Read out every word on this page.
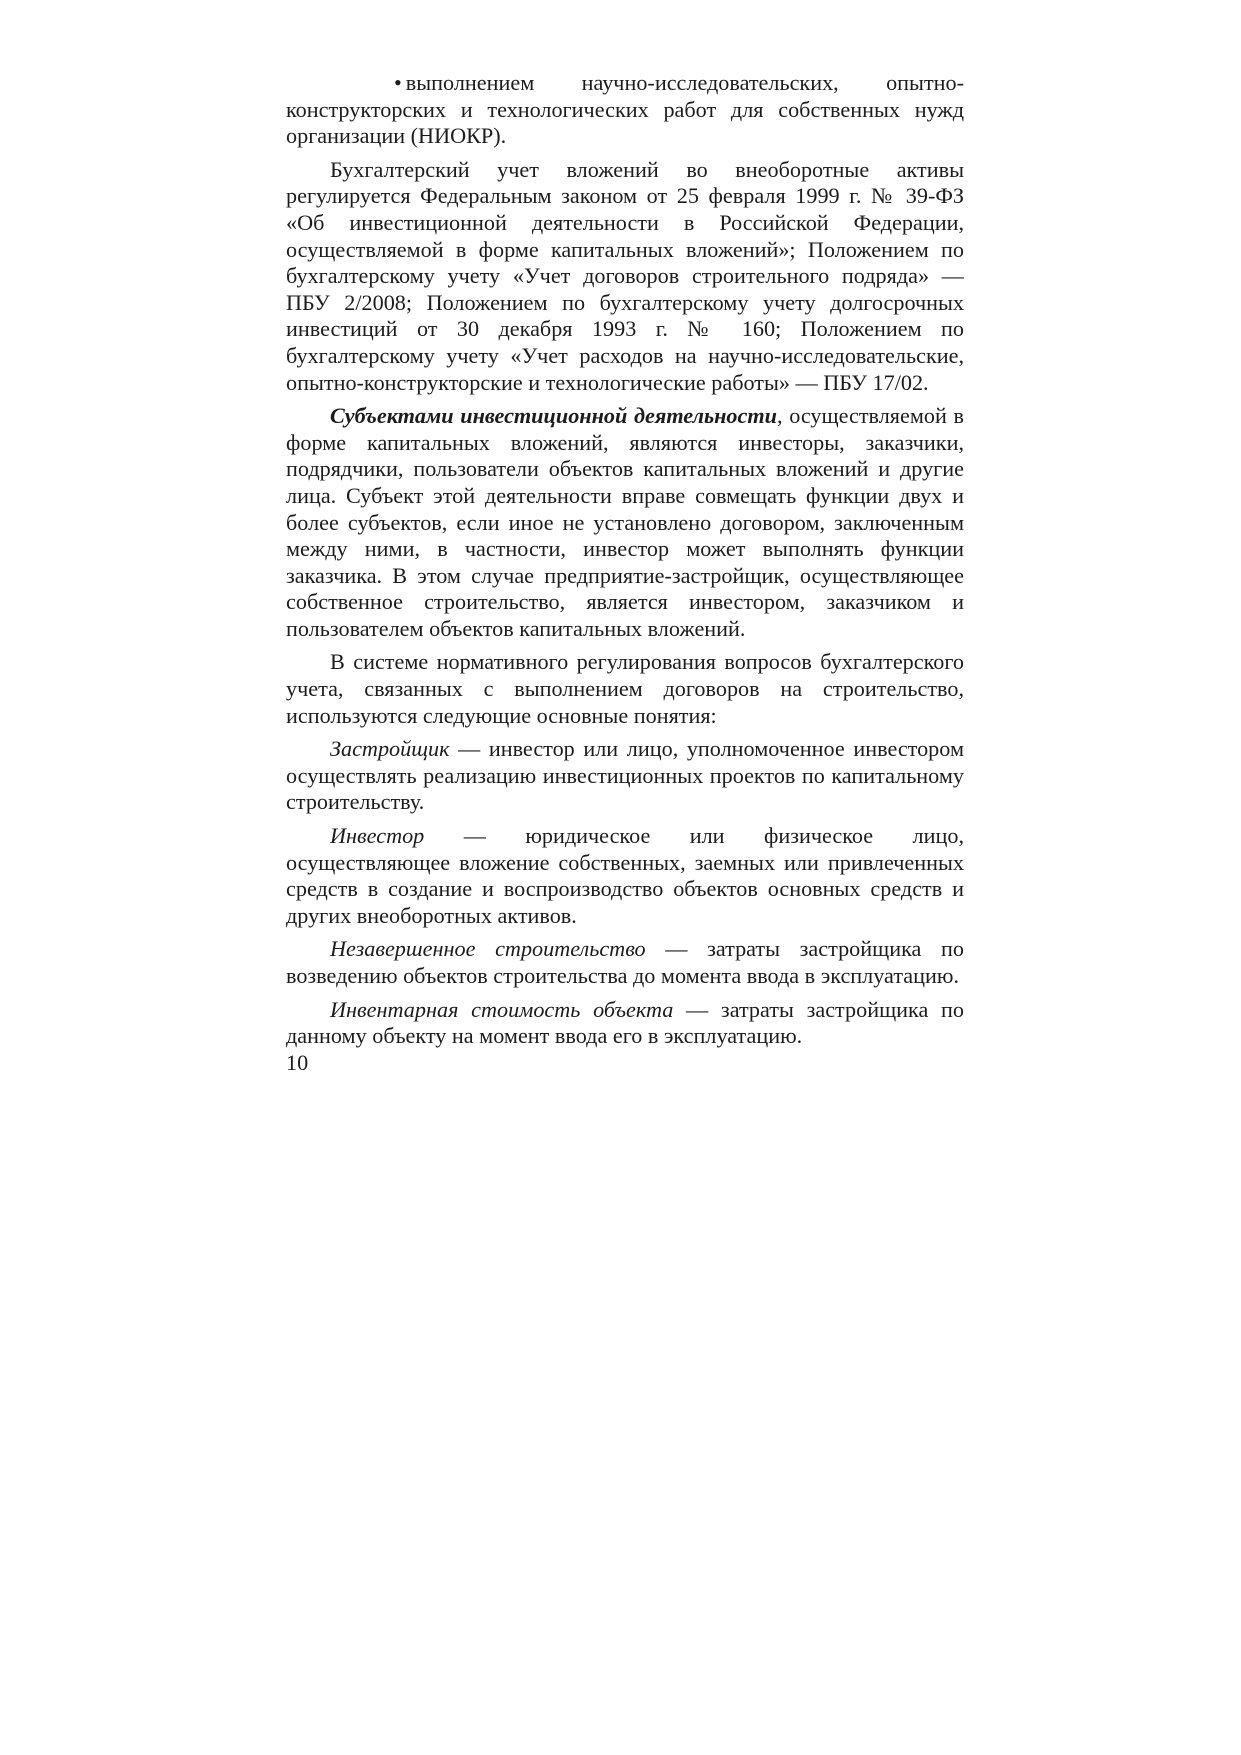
• выполнением научно-исследовательских, опытно-конструкторских и технологических работ для собственных нужд организации (НИОКР).

Бухгалтерский учет вложений во внеоборотные активы регулируется Федеральным законом от 25 февраля 1999 г. № 39-ФЗ «Об инвестиционной деятельности в Российской Федерации, осуществляемой в форме капитальных вложений»; Положением по бухгалтерскому учету «Учет договоров строительного подряда» — ПБУ 2/2008; Положением по бухгалтерскому учету долгосрочных инвестиций от 30 декабря 1993 г. № 160; Положением по бухгалтерскому учету «Учет расходов на научно-исследовательские, опытно-конструкторские и технологические работы» — ПБУ 17/02.

Субъектами инвестиционной деятельности, осуществляемой в форме капитальных вложений, являются инвесторы, заказчики, подрядчики, пользователи объектов капитальных вложений и другие лица. Субъект этой деятельности вправе совмещать функции двух и более субъектов, если иное не установлено договором, заключенным между ними, в частности, инвестор может выполнять функции заказчика. В этом случае предприятие-застройщик, осуществляющее собственное строительство, является инвестором, заказчиком и пользователем объектов капитальных вложений.

В системе нормативного регулирования вопросов бухгалтерского учета, связанных с выполнением договоров на строительство, используются следующие основные понятия:

Застройщик — инвестор или лицо, уполномоченное инвестором осуществлять реализацию инвестиционных проектов по капитальному строительству.

Инвестор — юридическое или физическое лицо, осуществляющее вложение собственных, заемных или привлеченных средств в создание и воспроизводство объектов основных средств и других внеоборотных активов.

Незавершенное строительство — затраты застройщика по возведению объектов строительства до момента ввода в эксплуатацию.

Инвентарная стоимость объекта — затраты застройщика по данному объекту на момент ввода его в эксплуатацию.

10
